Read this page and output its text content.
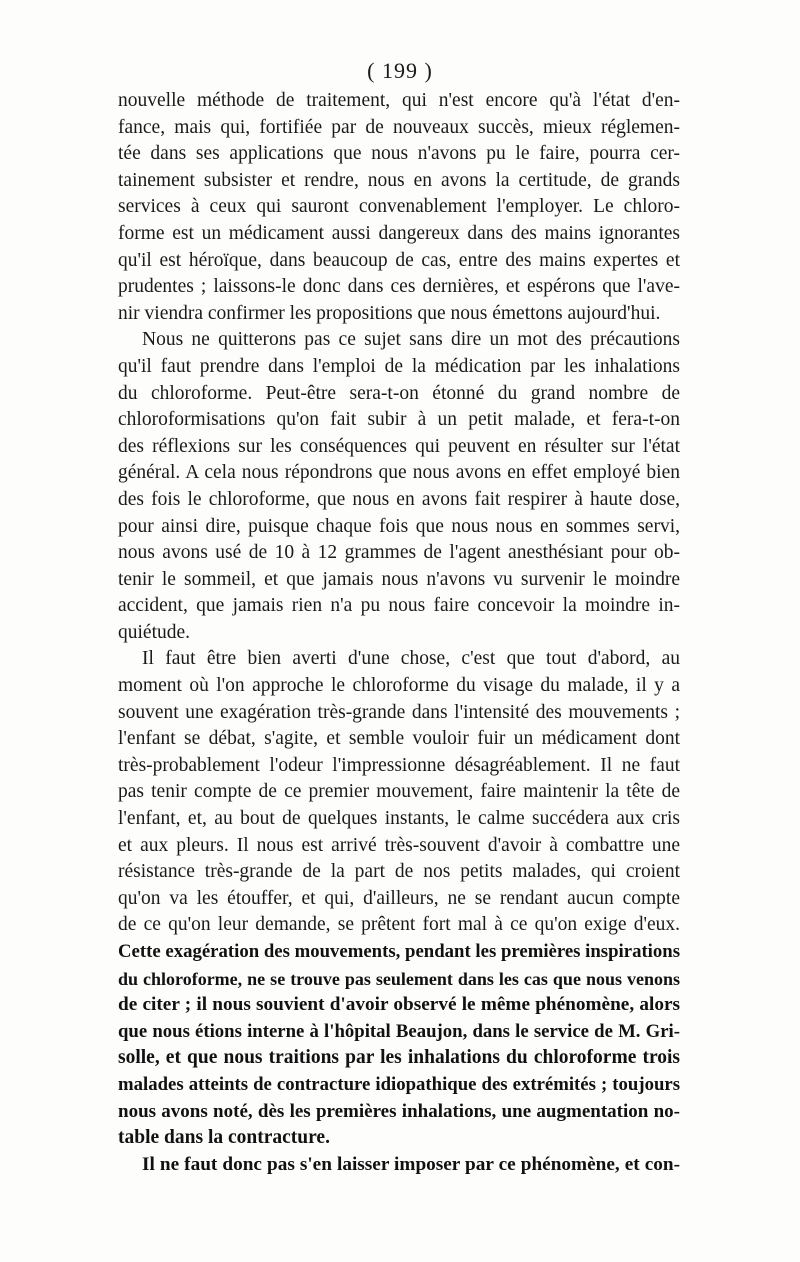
( 199 )
nouvelle méthode de traitement, qui n'est encore qu'à l'état d'en-
fance, mais qui, fortifiée par de nouveaux succès, mieux réglemen-
tée dans ses applications que nous n'avons pu le faire, pourra cer-
tainement subsister et rendre, nous en avons la certitude, de grands
services à ceux qui sauront convenablement l'employer. Le chloro-
forme est un médicament aussi dangereux dans des mains ignorantes
qu'il est héroïque, dans beaucoup de cas, entre des mains expertes et
prudentes ; laissons-le donc dans ces dernières, et espérons que l'ave-
nir viendra confirmer les propositions que nous émettons aujourd'hui.
Nous ne quitterons pas ce sujet sans dire un mot des précautions
qu'il faut prendre dans l'emploi de la médication par les inhalations
du chloroforme. Peut-être sera-t-on étonné du grand nombre de
chloroformisations qu'on fait subir à un petit malade, et fera-t-on
des réflexions sur les conséquences qui peuvent en résulter sur l'état
général. A cela nous répondrons que nous avons en effet employé bien
des fois le chloroforme, que nous en avons fait respirer à haute dose,
pour ainsi dire, puisque chaque fois que nous nous en sommes servi,
nous avons usé de 10 à 12 grammes de l'agent anesthésiant pour ob-
tenir le sommeil, et que jamais nous n'avons vu survenir le moindre
accident, que jamais rien n'a pu nous faire concevoir la moindre in-
quiétude.
Il faut être bien averti d'une chose, c'est que tout d'abord, au
moment où l'on approche le chloroforme du visage du malade, il y a
souvent une exagération très-grande dans l'intensité des mouvements ;
l'enfant se débat, s'agite, et semble vouloir fuir un médicament dont
très-probablement l'odeur l'impressionne désagréablement. Il ne faut
pas tenir compte de ce premier mouvement, faire maintenir la tête de
l'enfant, et, au bout de quelques instants, le calme succédera aux cris
et aux pleurs. Il nous est arrivé très-souvent d'avoir à combattre une
résistance très-grande de la part de nos petits malades, qui croient
qu'on va les étouffer, et qui, d'ailleurs, ne se rendant aucun compte
de ce qu'on leur demande, se prêtent fort mal à ce qu'on exige d'eux.
Cette exagération des mouvements, pendant les premières inspirations
du chloroforme, ne se trouve pas seulement dans les cas que nous venons
de citer ; il nous souvient d'avoir observé le même phénomène, alors
que nous étions interne à l'hôpital Beaujon, dans le service de M. Gri-
solle, et que nous traitions par les inhalations du chloroforme trois
malades atteints de contracture idiopathique des extrémités ; toujours
nous avons noté, dès les premières inhalations, une augmentation no-
table dans la contracture.
Il ne faut donc pas s'en laisser imposer par ce phénomène, et con-
